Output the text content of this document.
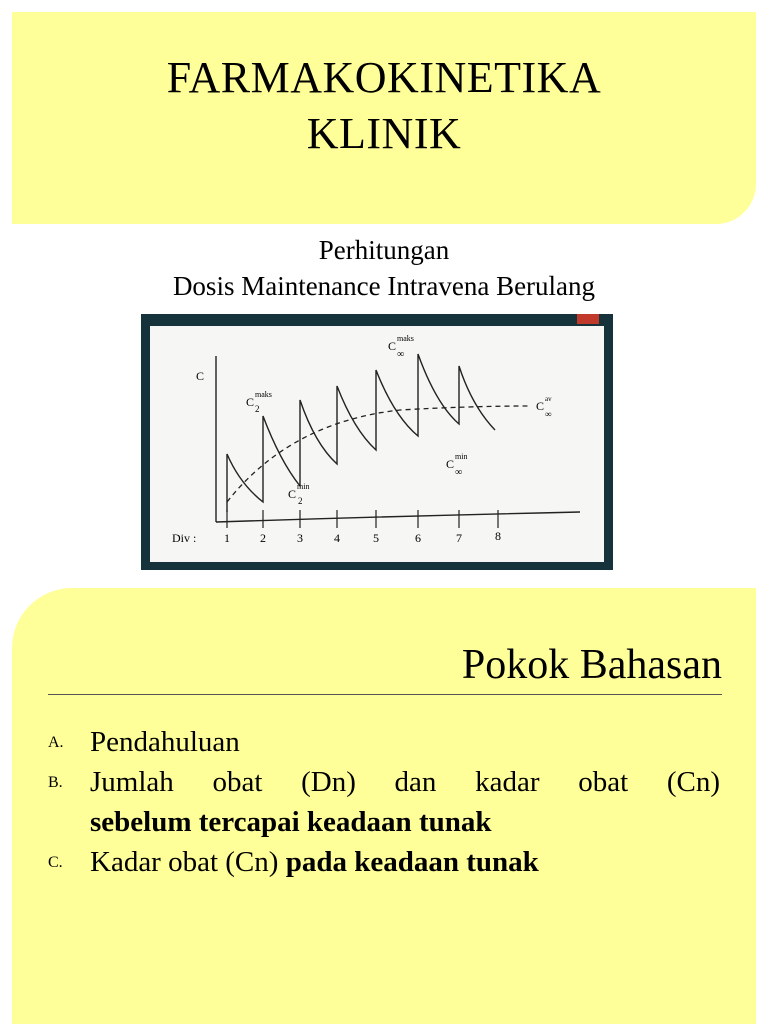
FARMAKOKINETIKA
KLINIK
Perhitungan
Dosis Maintenance Intravena Berulang
C
C
maks
2
C
min
2
C
maks
∞
C
min
∞
C av
∞
Div : 1	2	3	4	5	6	7	8
Pokok Bahasan
A. Pendahuluan
B. Jumlah obat (Dn) dan kadar obat (Cn)
sebelum tercapai keadaan tunak
C. Kadar obat (Cn) pada keadaan tunak
